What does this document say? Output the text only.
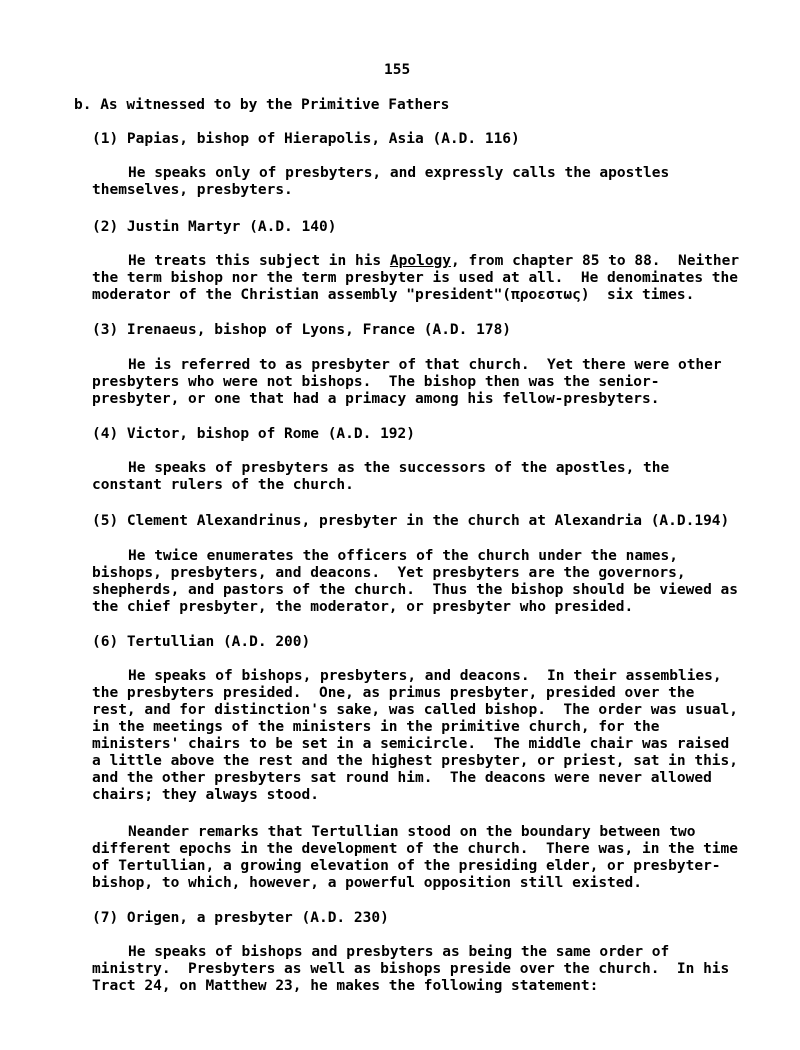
155
b. As witnessed to by the Primitive Fathers
(1) Papias, bishop of Hierapolis, Asia (A.D. 116)
He speaks only of presbyters, and expressly calls the apostles
themselves, presbyters.
(2) Justin Martyr (A.D. 140)
He treats this subject in his Apology, from chapter 85 to 88.  Neither
the term bishop nor the term presbyter is used at all.  He denominates the
moderator of the Christian assembly "president"(προεστως)  six times.
(3) Irenaeus, bishop of Lyons, France (A.D. 178)
He is referred to as presbyter of that church.  Yet there were other
presbyters who were not bishops.  The bishop then was the senior-
presbyter, or one that had a primacy among his fellow-presbyters.
(4) Victor, bishop of Rome (A.D. 192)
He speaks of presbyters as the successors of the apostles, the
constant rulers of the church.
(5) Clement Alexandrinus, presbyter in the church at Alexandria (A.D.194)
He twice enumerates the officers of the church under the names,
bishops, presbyters, and deacons.  Yet presbyters are the governors,
shepherds, and pastors of the church.  Thus the bishop should be viewed as
the chief presbyter, the moderator, or presbyter who presided.
(6) Tertullian (A.D. 200)
He speaks of bishops, presbyters, and deacons.  In their assemblies,
the presbyters presided.  One, as primus presbyter, presided over the
rest, and for distinction's sake, was called bishop.  The order was usual,
in the meetings of the ministers in the primitive church, for the
ministers' chairs to be set in a semicircle.  The middle chair was raised
a little above the rest and the highest presbyter, or priest, sat in this,
and the other presbyters sat round him.  The deacons were never allowed
chairs; they always stood.
Neander remarks that Tertullian stood on the boundary between two
different epochs in the development of the church.  There was, in the time
of Tertullian, a growing elevation of the presiding elder, or presbyter-
bishop, to which, however, a powerful opposition still existed.
(7) Origen, a presbyter (A.D. 230)
He speaks of bishops and presbyters as being the same order of
ministry.  Presbyters as well as bishops preside over the church.  In his
Tract 24, on Matthew 23, he makes the following statement:
